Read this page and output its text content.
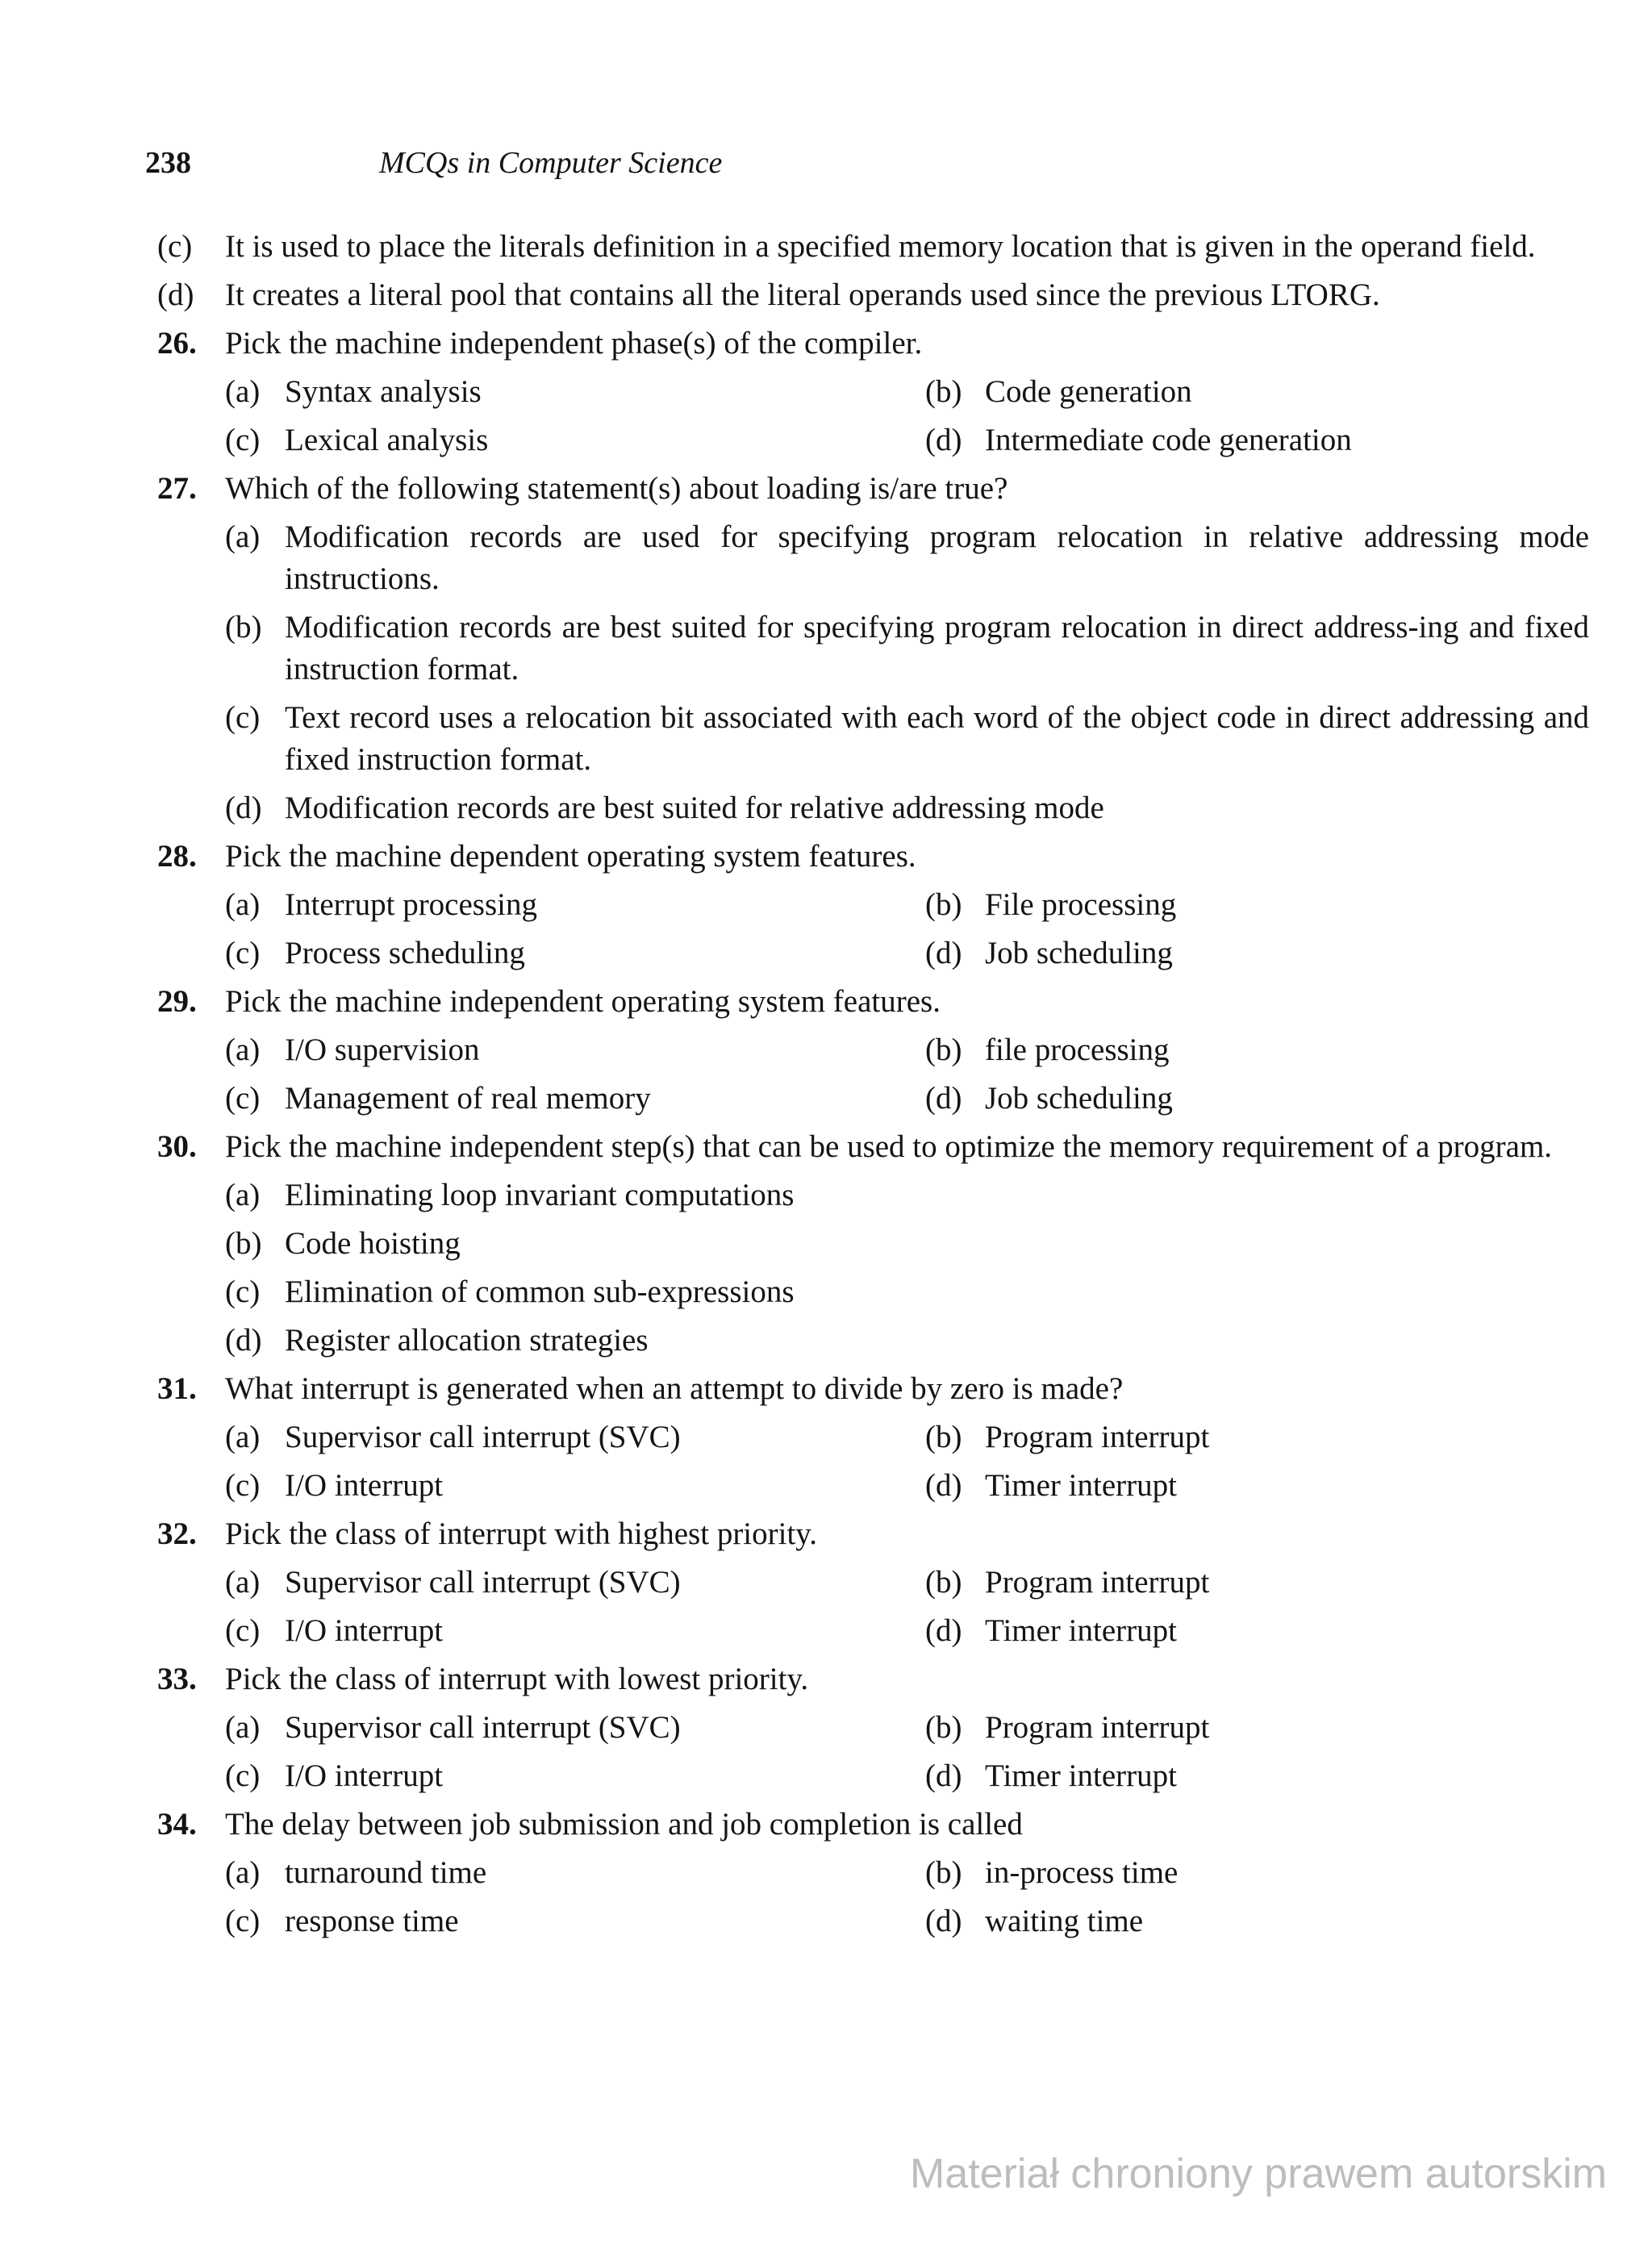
238	MCQs in Computer Science
(c) It is used to place the literals definition in a specified memory location that is given in the operand field.
(d) It creates a literal pool that contains all the literal operands used since the previous LTORG.
26. Pick the machine independent phase(s) of the compiler.
(a) Syntax analysis	(b) Code generation
(c) Lexical analysis	(d) Intermediate code generation
27. Which of the following statement(s) about loading is/are true?
(a) Modification records are used for specifying program relocation in relative addressing mode instructions.
(b) Modification records are best suited for specifying program relocation in direct address-ing and fixed instruction format.
(c) Text record uses a relocation bit associated with each word of the object code in direct addressing and fixed instruction format.
(d) Modification records are best suited for relative addressing mode
28. Pick the machine dependent operating system features.
(a) Interrupt processing	(b) File processing
(c) Process scheduling	(d) Job scheduling
29. Pick the machine independent operating system features.
(a) I/O supervision	(b) file processing
(c) Management of real memory	(d) Job scheduling
30. Pick the machine independent step(s) that can be used to optimize the memory requirement of a program.
(a) Eliminating loop invariant computations
(b) Code hoisting
(c) Elimination of common sub-expressions
(d) Register allocation strategies
31. What interrupt is generated when an attempt to divide by zero is made?
(a) Supervisor call interrupt (SVC)	(b) Program interrupt
(c) I/O interrupt	(d) Timer interrupt
32. Pick the class of interrupt with highest priority.
(a) Supervisor call interrupt (SVC)	(b) Program interrupt
(c) I/O interrupt	(d) Timer interrupt
33. Pick the class of interrupt with lowest priority.
(a) Supervisor call interrupt (SVC)	(b) Program interrupt
(c) I/O interrupt	(d) Timer interrupt
34. The delay between job submission and job completion is called
(a) turnaround time	(b) in-process time
(c) response time	(d) waiting time
Materiał chroniony prawem autorskim
